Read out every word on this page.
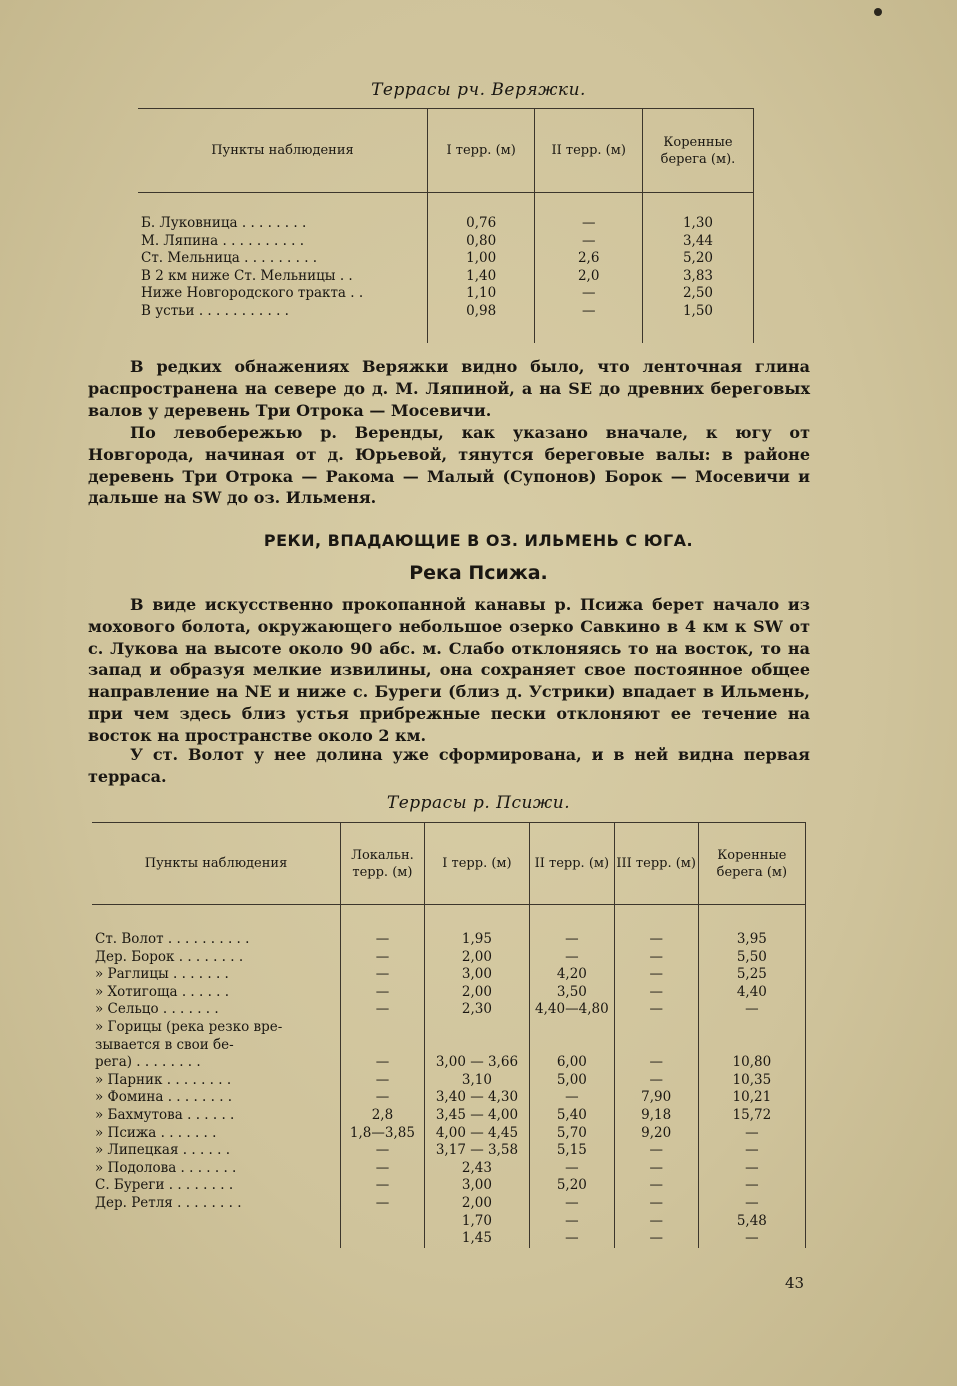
Террасы рч. Веряжки.
Пункты наблюдения	I терр. (м)	II терр. (м)	Коренные берега (м).

Б. Луковница . . . . . . . .	0,76	—	1,30
М. Ляпина . . . . . . . . . .	0,80	—	3,44
Ст. Мельница . . . . . . . . .	1,00	2,6	5,20
В 2 км ниже Ст. Мельницы . .	1,40	2,0	3,83
Ниже Новгородского тракта . .	1,10	—	2,50
В устьи . . . . . . . . . . .	0,98	—	1,50

В редких обнажениях Веряжки видно было, что ленточная глина распространена на севере до д. М. Ляпиной, а на SE до древних береговых валов у деревень Три Отрока — Мосевичи.

По левобережью р. Веренды, как указано вначале, к югу от Новгорода, начиная от д. Юрьевой, тянутся береговые валы: в районе деревень Три Отрока — Ракома — Малый (Супонов) Борок — Мосевичи и дальше на SW до оз. Ильменя.

РЕКИ, ВПАДАЮЩИЕ В ОЗ. ИЛЬМЕНЬ С ЮГА.
Река Псижа.

В виде искусственно прокопанной канавы р. Псижа берет начало из мохового болота, окружающего небольшое озерко Савкино в 4 км к SW от с. Лукова на высоте около 90 абс. м. Слабо отклоняясь то на восток, то на запад и образуя мелкие извилины, она сохраняет свое постоянное общее направление на NE и ниже с. Буреги (близ д. Устрики) впадает в Ильмень, при чем здесь близ устья прибрежные пески отклоняют ее течение на восток на пространстве около 2 км.

У ст. Волот у нее долина уже сформирована, и в ней видна первая терраса.

Террасы р. Псижи.
Пункты наблюдения	Локальн. терр. (м)	I терр. (м)	II терр. (м)	III терр. (м)	Коренные берега (м)

Ст. Волот . . . . . . . . . .	—	1,95	—	—	3,95
Дер. Борок . . . . . . . .	—	2,00	—	—	5,50
» Раглицы . . . . . . .	—	3,00	4,20	—	5,25
» Хотигоща . . . . . .	—	2,00	3,50	—	4,40
» Сельцо . . . . . . .	—	2,30	4,40—4,80	—	—
» Горицы (река резко вре-					
зывается в свои бе-					
рега) . . . . . . . .	—	3,00 — 3,66	6,00	—	10,80
» Парник . . . . . . . .	—	3,10	5,00	—	10,35
» Фомина . . . . . . . .	—	3,40 — 4,30	—	7,90	10,21
» Бахмутова . . . . . .	2,8	3,45 — 4,00	5,40	9,18	15,72
» Псижа . . . . . . .	1,8—3,85	4,00 — 4,45	5,70	9,20	—
» Липецкая . . . . . .	—	3,17 — 3,58	5,15	—	—
» Подолова . . . . . . .	—	2,43	—	—	—
С. Буреги . . . . . . . .	—	3,00	5,20	—	—
Дер. Ретля . . . . . . . .	—	2,00	—	—	—
		1,70	—	—	5,48
		1,45	—	—	—
43
